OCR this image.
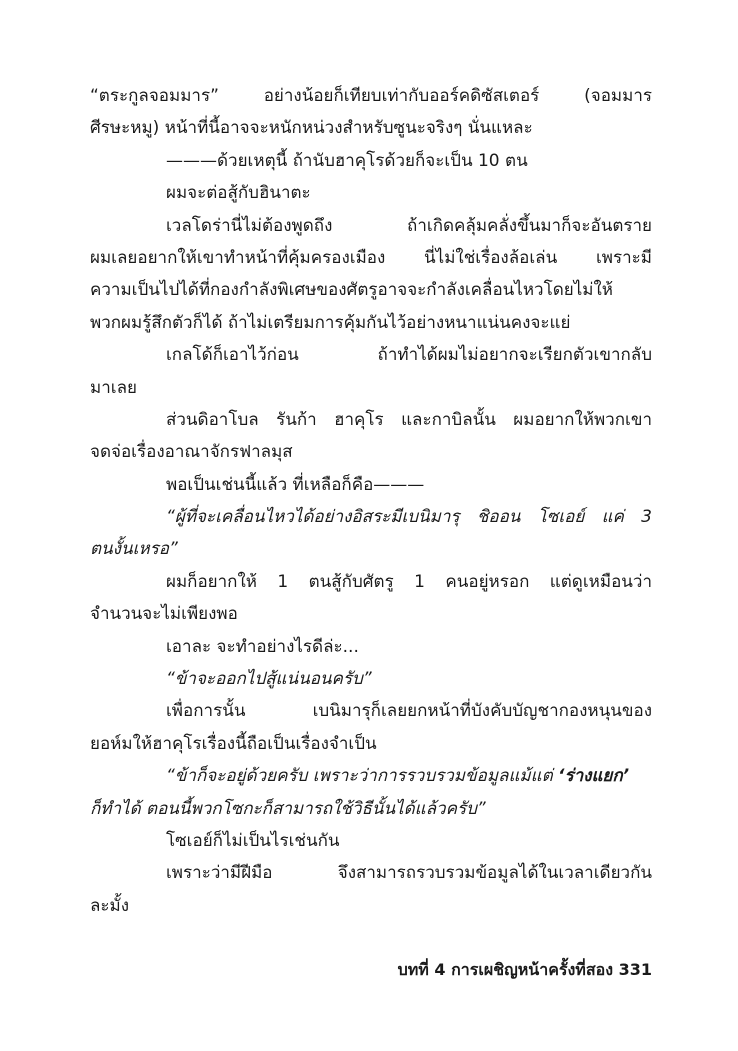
“ตระกูลจอมมาร” อย่างน้อยก็เทียบเท่ากับออร์คดิซัสเตอร์ (จอมมาร
ศีรษะหมู) หน้าที่นี้อาจจะหนักหน่วงสำหรับซูนะจริงๆ นั่นแหละ
———ด้วยเหตุนี้ ถ้านับฮาคุโรด้วยก็จะเป็น 10 ตน
ผมจะต่อสู้กับฮินาตะ
เวลโดร่านี่ไม่ต้องพูดถึง ถ้าเกิดคลุ้มคลั่งขึ้นมาก็จะอันตราย
ผมเลยอยากให้เขาทำหน้าที่คุ้มครองเมือง นี่ไม่ใช่เรื่องล้อเล่น เพราะมี
ความเป็นไปได้ที่กองกำลังพิเศษของศัตรูอาจจะกำลังเคลื่อนไหวโดยไม่ให้
พวกผมรู้สึกตัวก็ได้ ถ้าไม่เตรียมการคุ้มกันไว้อย่างหนาแน่นคงจะแย่
เกลโด้ก็เอาไว้ก่อน ถ้าทำได้ผมไม่อยากจะเรียกตัวเขากลับ
มาเลย
ส่วนดิอาโบล รันก้า ฮาคุโร และกาบิลนั้น ผมอยากให้พวกเขา
จดจ่อเรื่องอาณาจักรฟาลมุส
พอเป็นเช่นนี้แล้ว ที่เหลือก็คือ———
“ผู้ที่จะเคลื่อนไหวได้อย่างอิสระมีเบนิมารุ ชิออน โซเอย์ แค่ 3
ตนงั้นเหรอ”
ผมก็อยากให้ 1 ตนสู้กับศัตรู 1 คนอยู่หรอก แต่ดูเหมือนว่า
จำนวนจะไม่เพียงพอ
เอาละ จะทำอย่างไรดีล่ะ...
“ข้าจะออกไปสู้แน่นอนครับ”
เพื่อการนั้น เบนิมารุก็เลยยกหน้าที่บังคับบัญชากองหนุนของ
ยอห์มให้ฮาคุโรเรื่องนี้ถือเป็นเรื่องจำเป็น
“ข้าก็จะอยู่ด้วยครับ เพราะว่าการรวบรวมข้อมูลแม้แต่ ‘ร่างแยก’
ก็ทำได้ ตอนนี้พวกโซกะก็สามารถใช้วิธีนั้นได้แล้วครับ”
โซเอย์ก็ไม่เป็นไรเช่นกัน
เพราะว่ามีฝีมือ จึงสามารถรวบรวมข้อมูลได้ในเวลาเดียวกัน
ละมั้ง
บทที่ 4 การเผชิญหน้าครั้งที่สอง 331
